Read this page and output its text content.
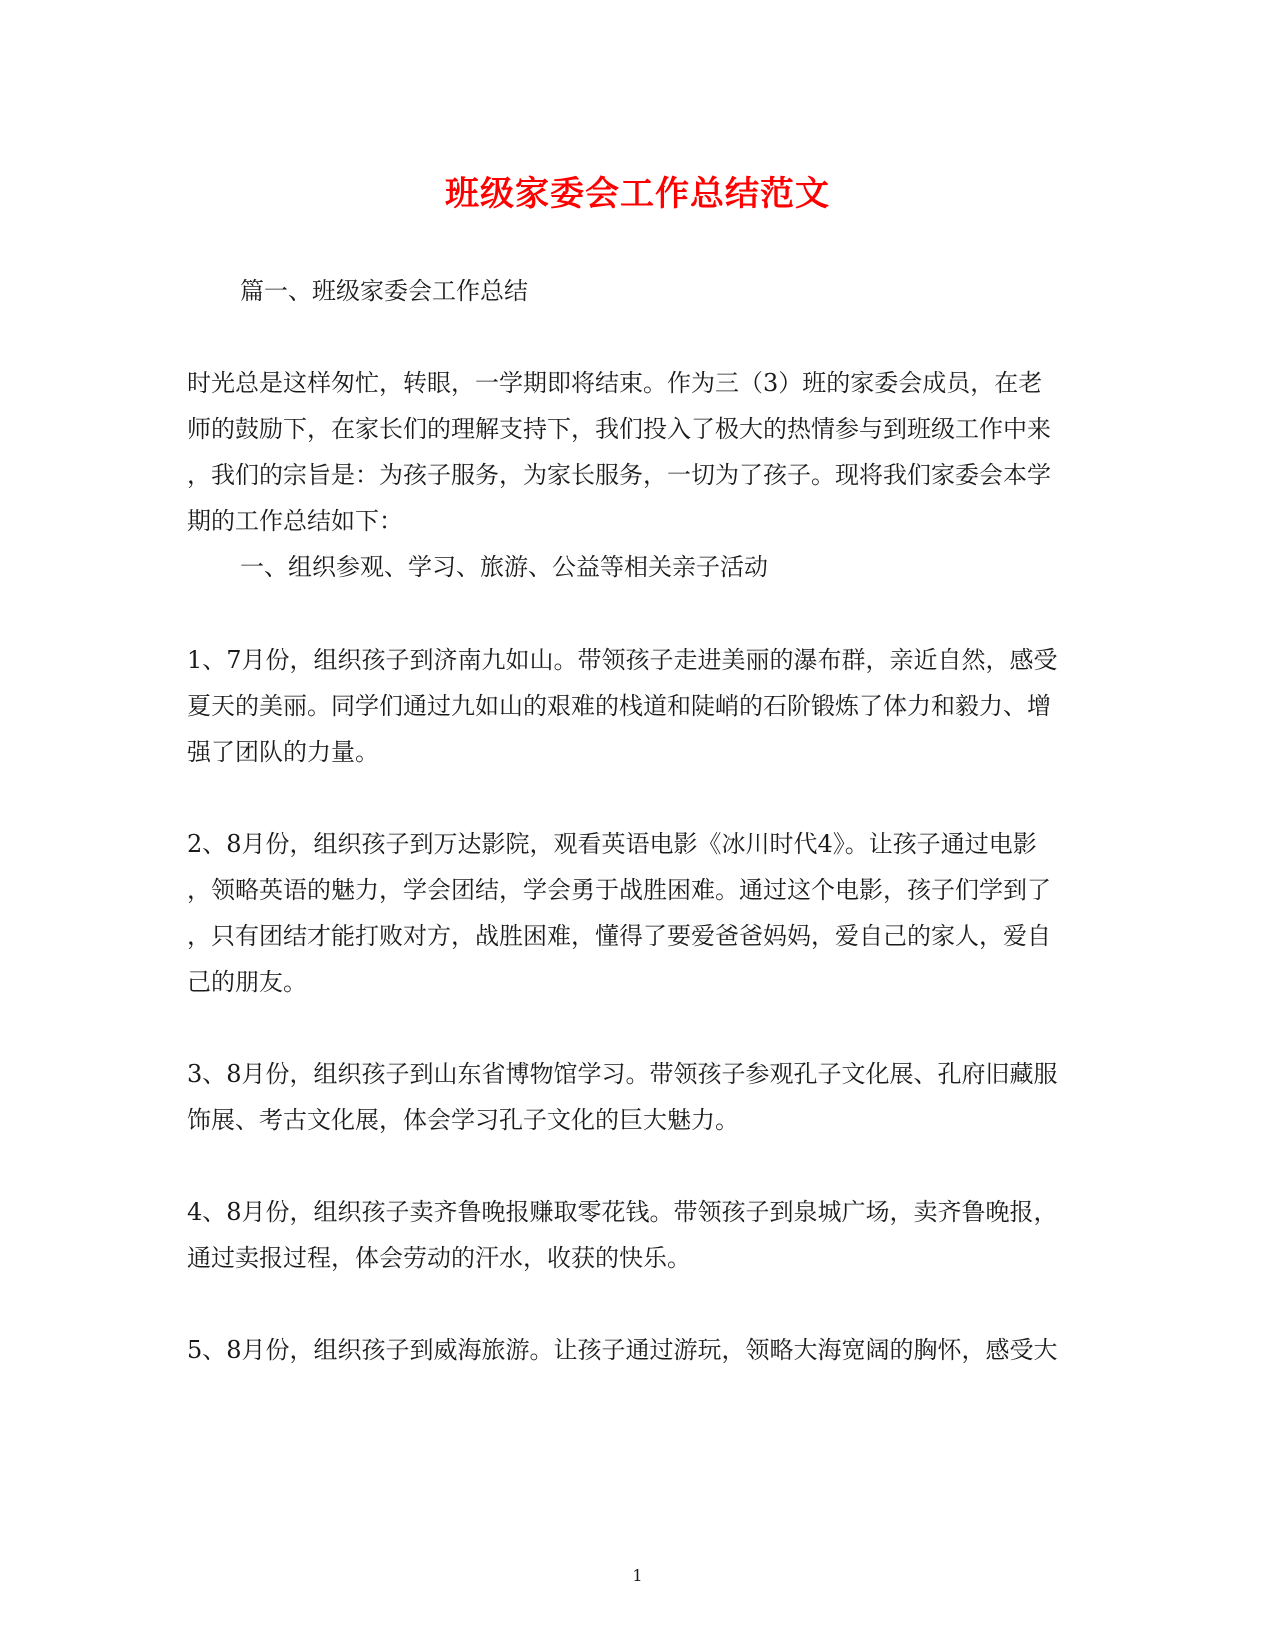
班级家委会工作总结范文
篇一、班级家委会工作总结
时光总是这样匆忙，转眼，一学期即将结束。作为三（3）班的家委会成员，在老
师的鼓励下，在家长们的理解支持下，我们投入了极大的热情参与到班级工作中来
，我们的宗旨是：为孩子服务，为家长服务，一切为了孩子。现将我们家委会本学
期的工作总结如下：
一、组织参观、学习、旅游、公益等相关亲子活动
1、7月份，组织孩子到济南九如山。带领孩子走进美丽的瀑布群，亲近自然，感受
夏天的美丽。同学们通过九如山的艰难的栈道和陡峭的石阶锻炼了体力和毅力、增
强了团队的力量。
2、8月份，组织孩子到万达影院，观看英语电影《冰川时代4》。让孩子通过电影
，领略英语的魅力，学会团结，学会勇于战胜困难。通过这个电影，孩子们学到了
，只有团结才能打败对方，战胜困难，懂得了要爱爸爸妈妈，爱自己的家人，爱自
己的朋友。
3、8月份，组织孩子到山东省博物馆学习。带领孩子参观孔子文化展、孔府旧藏服
饰展、考古文化展，体会学习孔子文化的巨大魅力。
4、8月份，组织孩子卖齐鲁晚报赚取零花钱。带领孩子到泉城广场，卖齐鲁晚报，
通过卖报过程，体会劳动的汗水，收获的快乐。
5、8月份，组织孩子到威海旅游。让孩子通过游玩，领略大海宽阔的胸怀，感受大
1
